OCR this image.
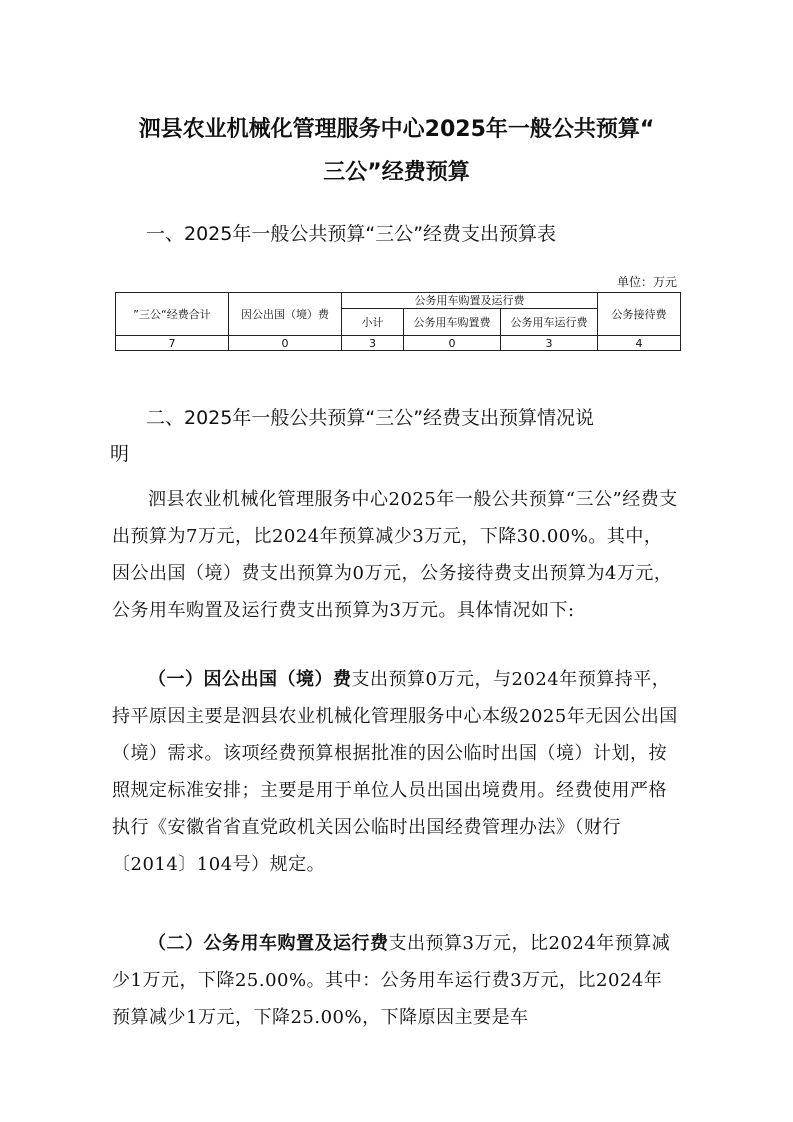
泗县农业机械化管理服务中心2025年一般公共预算“
三公”经费预算
一、2025年一般公共预算“三公”经费支出预算表
单位：万元
”三公“经费合计	因公出国（境）费	公务用车购置及运行费			公务接待费
		小计	公务用车购置费	公务用车运行费	
7	0	3	0	3	4
二、2025年一般公共预算“三公”经费支出预算情况说
明

泗县农业机械化管理服务中心2025年一般公共预算“三公”经费支出预算为7万元，比2024年预算减少3万元，下降30.00%。其中，因公出国（境）费支出预算为0万元，公务接待费支出预算为4万元，公务用车购置及运行费支出预算为3万元。具体情况如下:

（一）因公出国（境）费支出预算0万元，与2024年预算持平，持平原因主要是泗县农业机械化管理服务中心本级2025年无因公出国（境）需求。该项经费预算根据批准的因公临时出国（境）计划，按照规定标准安排；主要是用于单位人员出国出境费用。经费使用严格执行《安徽省省直党政机关因公临时出国经费管理办法》（财行〔2014〕104号）规定。

（二）公务用车购置及运行费支出预算3万元，比2024年预算减少1万元，下降25.00%。其中：公务用车运行费3万元，比2024年预算减少1万元，下降25.00%，下降原因主要是车
